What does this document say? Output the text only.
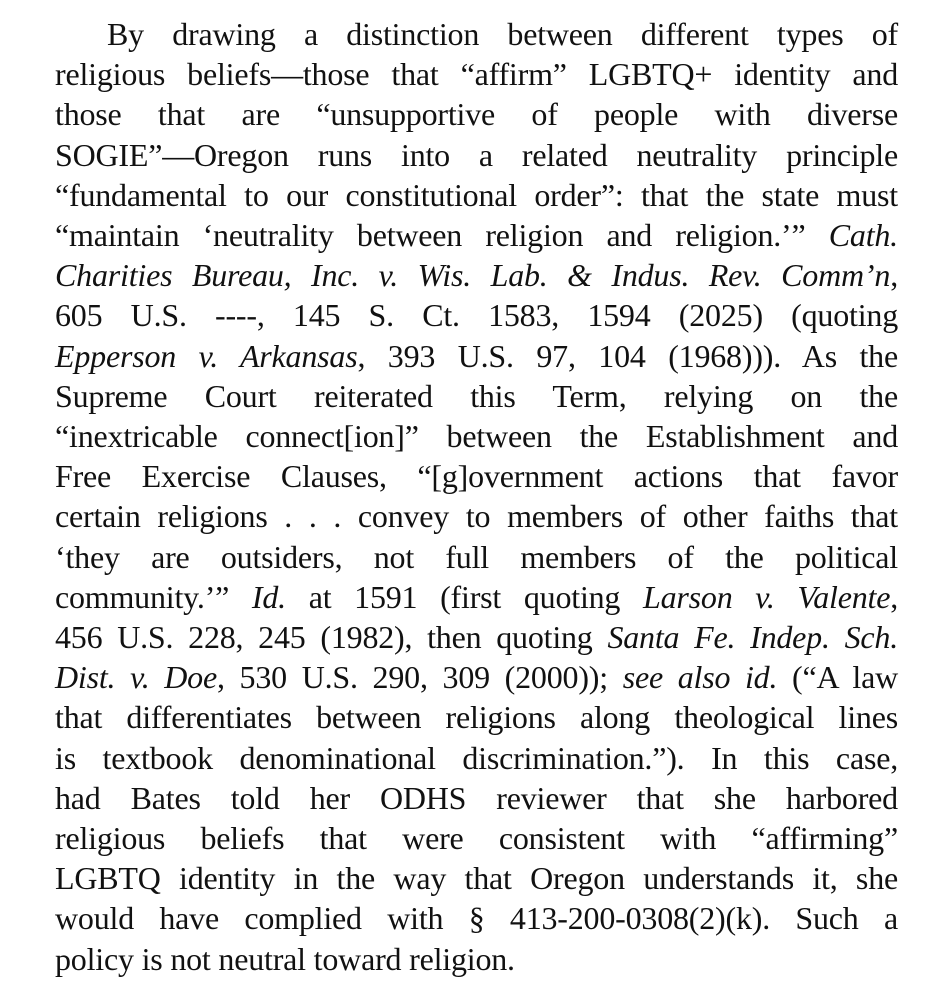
By drawing a distinction between different types of
religious beliefs—those that “affirm” LGBTQ+ identity and
those that are “unsupportive of people with diverse
SOGIE”—Oregon runs into a related neutrality principle
“fundamental to our constitutional order”: that the state must
“maintain ‘neutrality between religion and religion.’” Cath.
Charities Bureau, Inc. v. Wis. Lab. & Indus. Rev. Comm’n,
605 U.S. ----, 145 S. Ct. 1583, 1594 (2025) (quoting
Epperson v. Arkansas, 393 U.S. 97, 104 (1968))). As the
Supreme Court reiterated this Term, relying on the
“inextricable connect[ion]” between the Establishment and
Free Exercise Clauses, “[g]overnment actions that favor
certain religions . . . convey to members of other faiths that
‘they are outsiders, not full members of the political
community.’” Id. at 1591 (first quoting Larson v. Valente,
456 U.S. 228, 245 (1982), then quoting Santa Fe. Indep. Sch.
Dist. v. Doe, 530 U.S. 290, 309 (2000)); see also id. (“A law
that differentiates between religions along theological lines
is textbook denominational discrimination.”). In this case,
had Bates told her ODHS reviewer that she harbored
religious beliefs that were consistent with “affirming”
LGBTQ identity in the way that Oregon understands it, she
would have complied with § 413-200-0308(2)(k). Such a
policy is not neutral toward religion.
